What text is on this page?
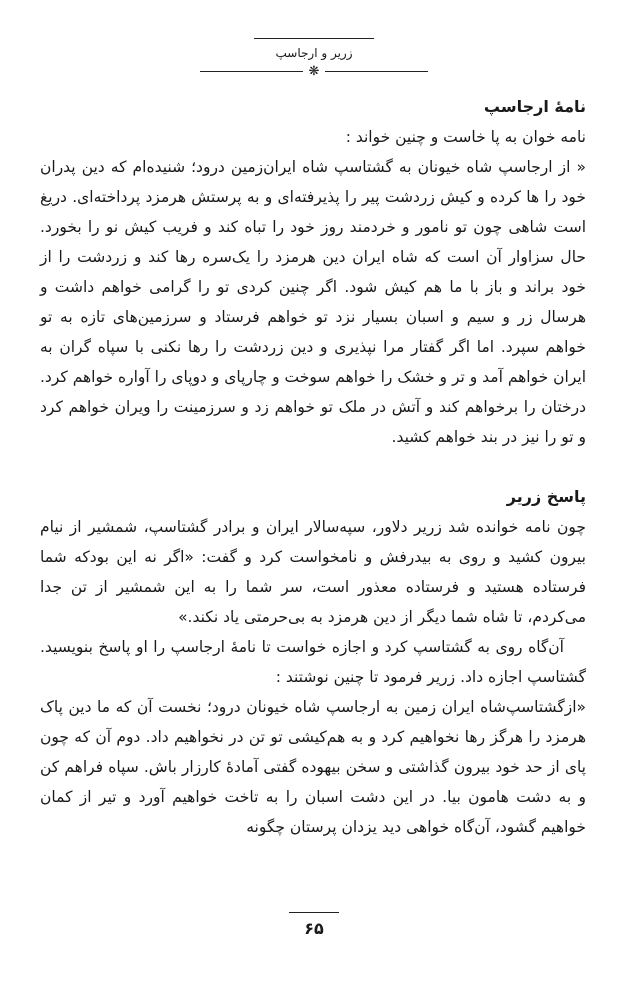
زریر و ارجاسپ
❋
نامهٔ ارجاسپ

نامه خوان به پا خاست و چنین خواند :

« از ارجاسپ شاه خیونان به گشتاسپ شاه ایران‌زمین درود؛ شنیده‌ام که دین پدران خود را ها کرده و کیش زردشت پیر را پذیرفته‌ای و به پرستش هرمزد پرداخته‌ای. دریغ است شاهی چون تو نامور و خردمند روز خود را تباه کند و فریب کیش نو را بخورد. حال سزاوار آن است که شاه ایران دین هرمزد را یک‌سره رها کند و زردشت را از خود براند و باز با ما هم کیش شود. اگر چنین کردی تو را گرامی خواهم داشت و هرسال زر و سیم و اسبان بسیار نزد تو خواهم فرستاد و سرزمین‌های تازه به تو خواهم سپرد. اما اگر گفتار مرا نپذیری و دین زردشت را رها نکنی با سپاه گران به ایران خواهم آمد و تر و خشک را خواهم سوخت و چارپای و دوپای را آواره خواهم کرد. درختان را برخواهم کند و آتش در ملک تو خواهم زد و سرزمینت را ویران خواهم کرد و تو را نیز در بند خواهم کشید.

پاسخ زریر

چون نامه خوانده شد زریر دلاور، سپه‌سالار ایران و برادر گشتاسپ، شمشیر از نیام بیرون کشید و روی به بیدرفش و نامخواست کرد و گفت: «اگر نه این بودکه شما فرستاده هستید و فرستاده معذور است، سر شما را به این شمشیر از تن جدا می‌کردم، تا شاه شما دیگر از دین هرمزد به بی‌حرمتی یاد نکند.»

آن‌گاه روی به گشتاسپ کرد و اجازه خواست تا نامهٔ ارجاسپ را او پاسخ بنویسید. گشتاسپ اجازه داد. زریر فرمود تا چنین نوشتند :

«ازگشتاسپ‌شاه ایران زمین به ارجاسپ شاه خیونان درود؛ نخست آن که ما دین پاک هرمزد را هرگز رها نخواهیم کرد و به هم‌کیشی تو تن در نخواهیم داد. دوم آن که چون پای از حد خود بیرون گذاشتی و سخن بیهوده گفتی آمادهٔ کارزار باش. سپاه فراهم کن و به دشت هامون بیا. در این دشت اسبان را به تاخت خواهیم آورد و تیر از کمان خواهیم گشود، آن‌گاه خواهی دید یزدان پرستان چگونه

۶۵
